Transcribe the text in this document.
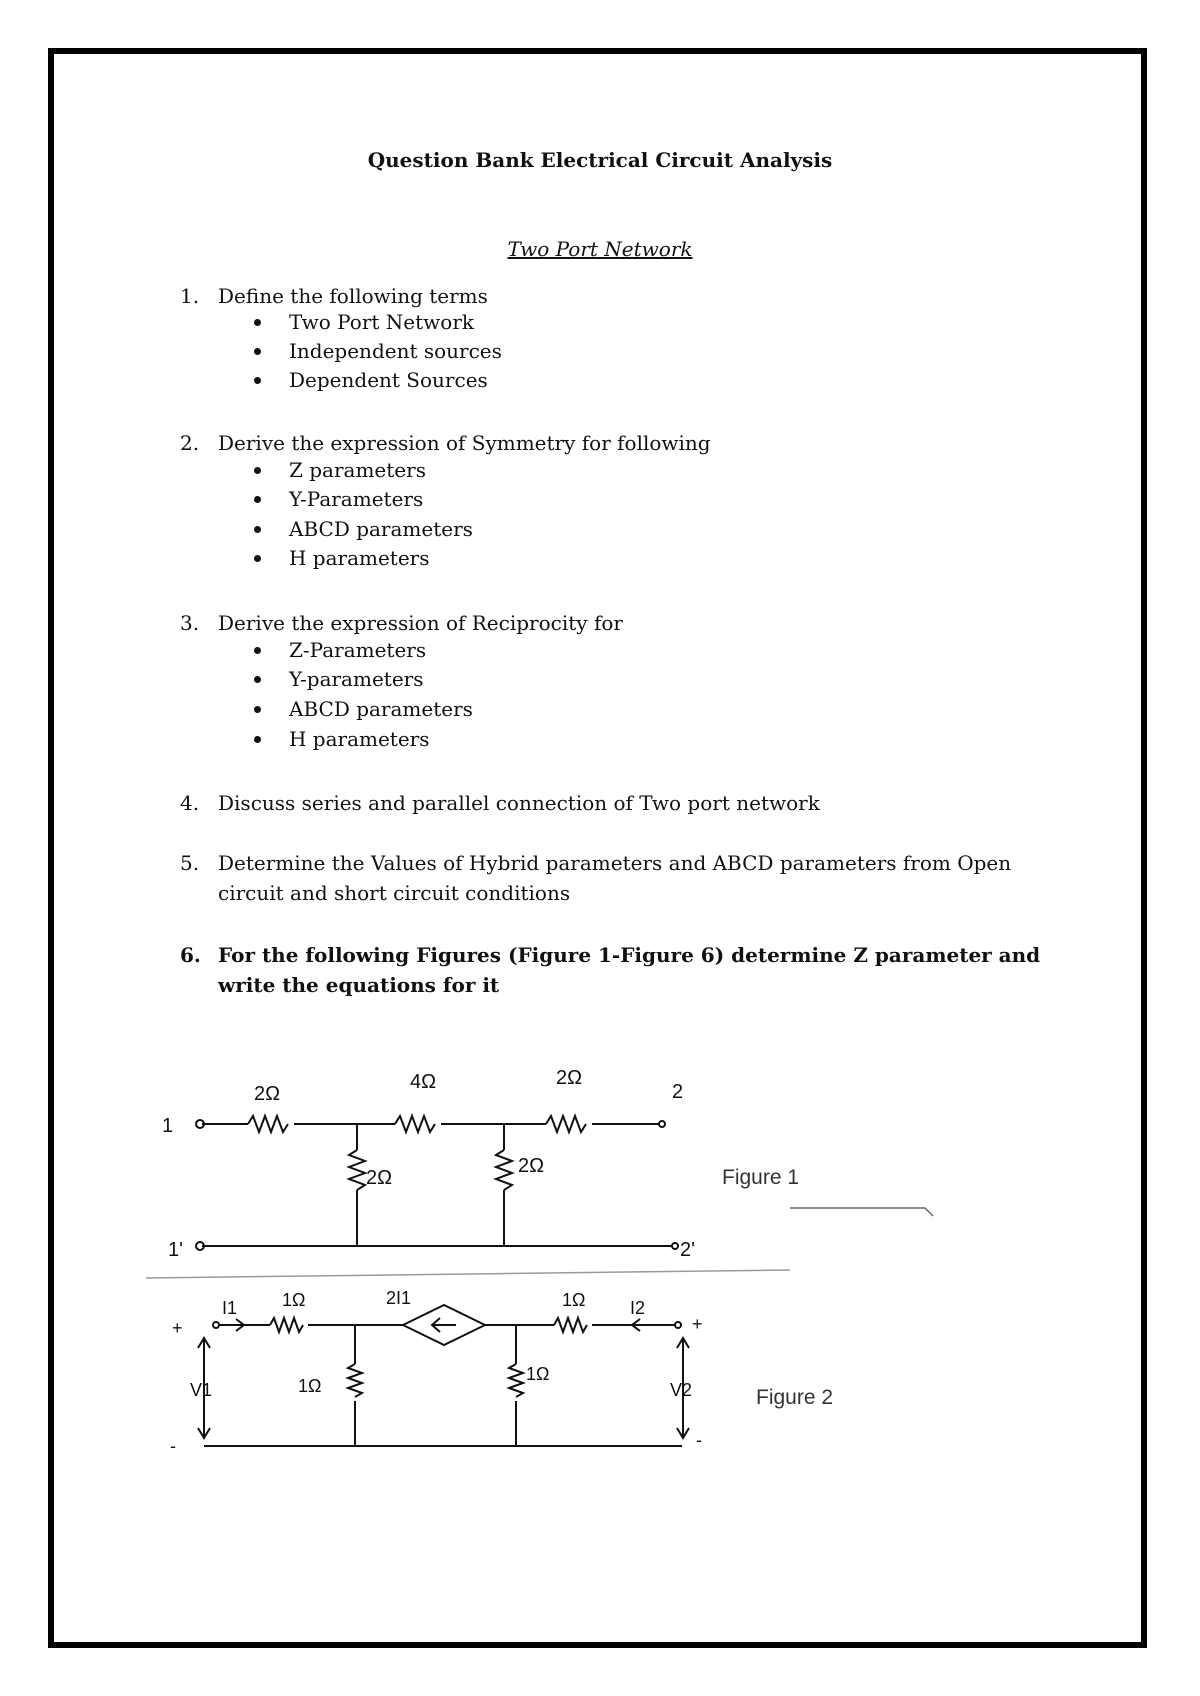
Question Bank Electrical Circuit Analysis
Two Port Network
1. Define the following terms
Two Port Network
Independent sources
Dependent Sources
2. Derive the expression of Symmetry for following
Z parameters
Y-Parameters
ABCD parameters
H parameters
3. Derive the expression of Reciprocity for
Z-Parameters
Y-parameters
ABCD parameters
H parameters
4. Discuss series and parallel connection of Two port network
5. Determine the Values of Hybrid parameters and ABCD parameters from Open circuit and short circuit conditions
6. For the following Figures (Figure 1-Figure 6) determine Z parameter and write the equations for it
1
1'
2
2'
2Ω
4Ω	2Ω
2Ω
2Ω	Figure 1
+
-
+
-
I1	I2
V1	V2
1Ω	1Ω
1Ω
1Ω
2I1
Figure 2
